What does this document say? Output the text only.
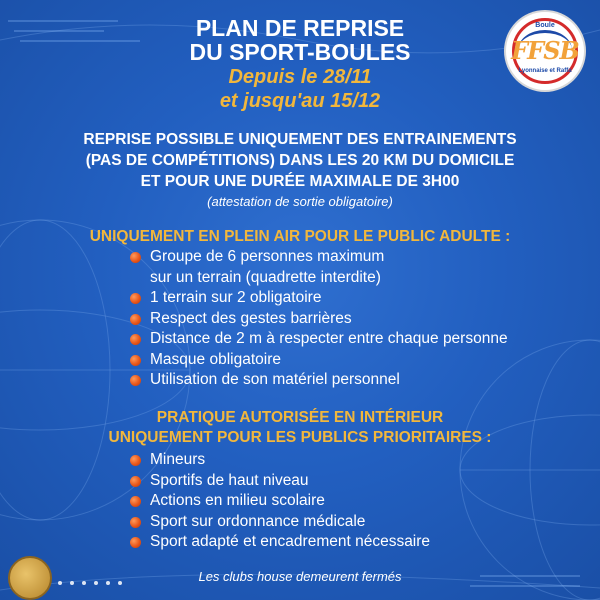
Boule
FFSB
Lyonnaise et Raffa
PLAN DE REPRISE
DU SPORT-BOULES
Depuis le 28/11
et jusqu'au 15/12
REPRISE POSSIBLE UNIQUEMENT DES ENTRAINEMENTS
(PAS DE COMPÉTITIONS) DANS LES 20 KM DU DOMICILE
ET POUR UNE DURÉE MAXIMALE DE 3H00
(attestation de sortie obligatoire)
UNIQUEMENT EN PLEIN AIR POUR LE PUBLIC ADULTE :
Groupe de 6 personnes maximum
sur un terrain (quadrette interdite)
1 terrain sur 2 obligatoire
Respect des gestes barrières
Distance de 2 m à respecter entre chaque personne
Masque obligatoire
Utilisation de son matériel personnel
PRATIQUE AUTORISÉE EN INTÉRIEUR
UNIQUEMENT POUR LES PUBLICS PRIORITAIRES :
Mineurs
Sportifs de haut niveau
Actions en milieu scolaire
Sport sur ordonnance médicale
Sport adapté et encadrement nécessaire
Les clubs house demeurent fermés
